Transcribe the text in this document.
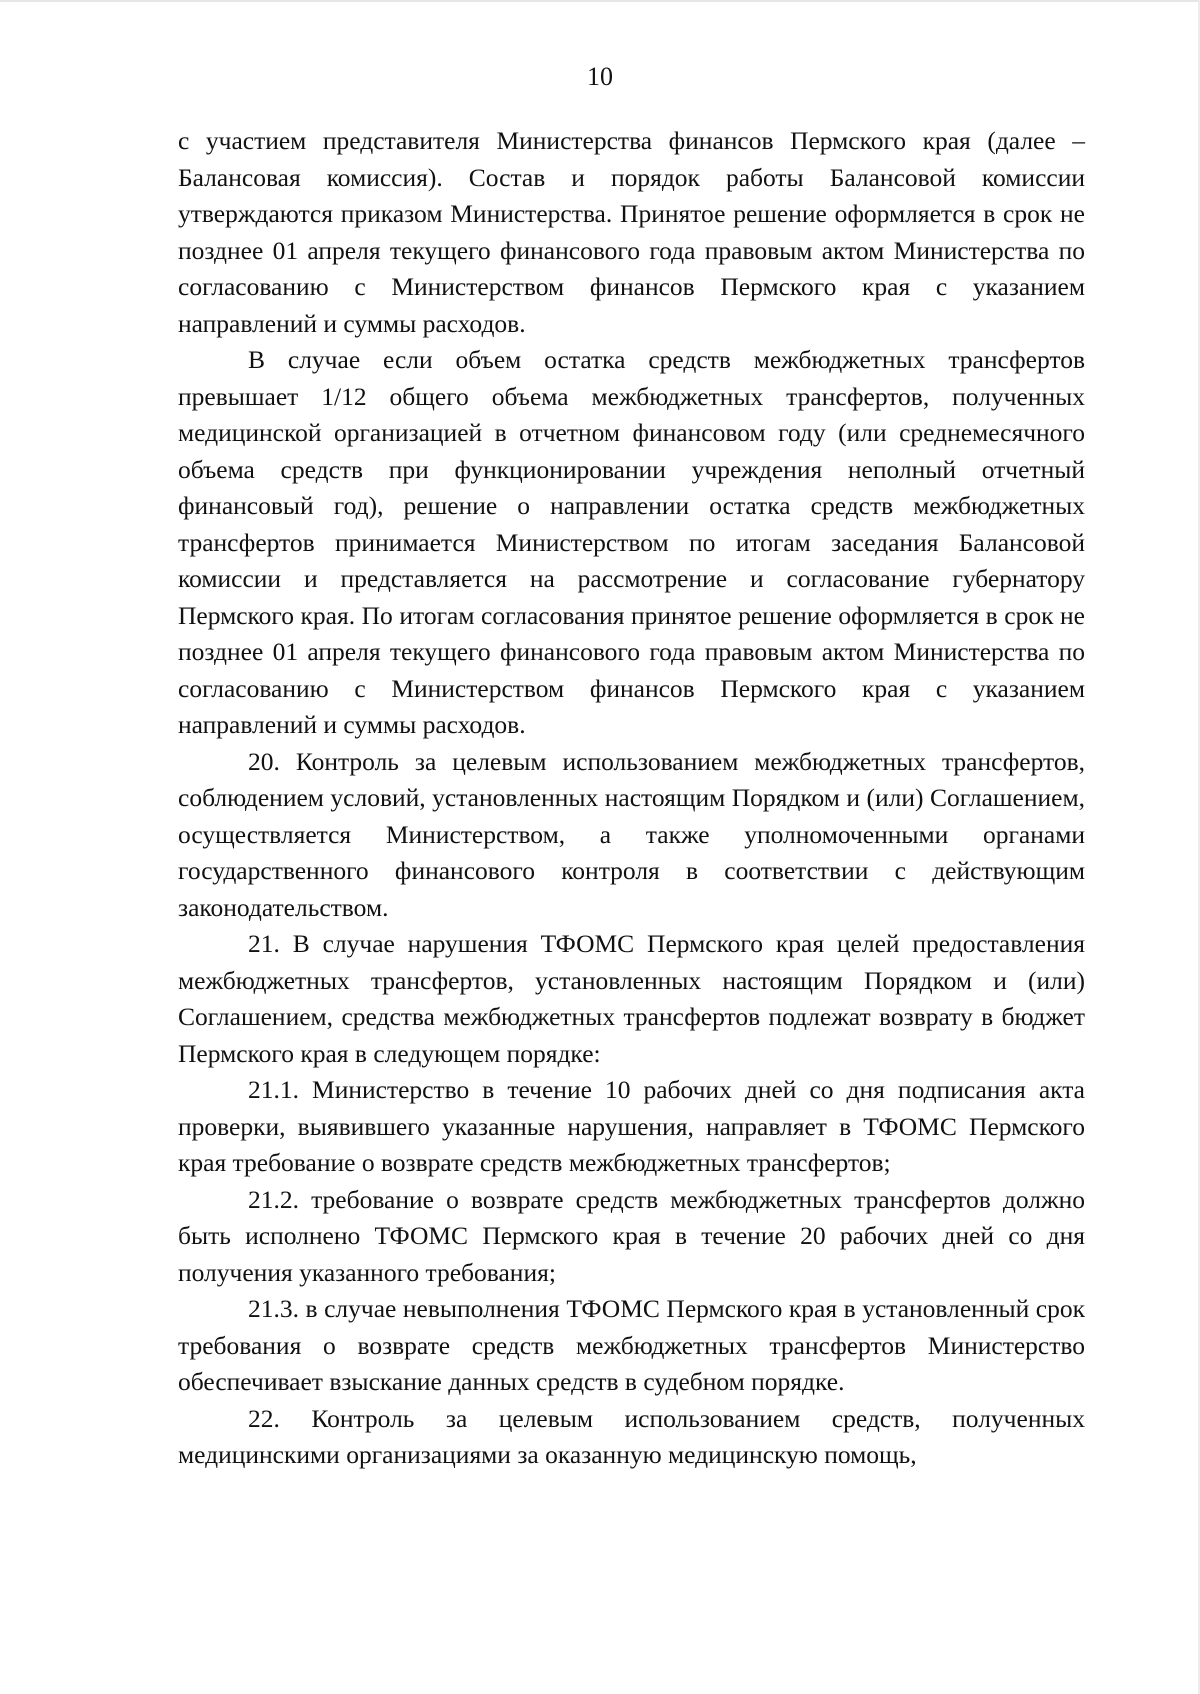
10

с участием представителя Министерства финансов Пермского края (далее – Балансовая комиссия). Состав и порядок работы Балансовой комиссии утверждаются приказом Министерства. Принятое решение оформляется в срок не позднее 01 апреля текущего финансового года правовым актом Министерства по согласованию с Министерством финансов Пермского края с указанием направлений и суммы расходов.

В случае если объем остатка средств межбюджетных трансфертов превышает 1/12 общего объема межбюджетных трансфертов, полученных медицинской организацией в отчетном финансовом году (или среднемесячного объема средств при функционировании учреждения неполный отчетный финансовый год), решение о направлении остатка средств межбюджетных трансфертов принимается Министерством по итогам заседания Балансовой комиссии и представляется на рассмотрение и согласование губернатору Пермского края. По итогам согласования принятое решение оформляется в срок не позднее 01 апреля текущего финансового года правовым актом Министерства по согласованию с Министерством финансов Пермского края с указанием направлений и суммы расходов.

20. Контроль за целевым использованием межбюджетных трансфертов, соблюдением условий, установленных настоящим Порядком и (или) Соглашением, осуществляется Министерством, а также уполномоченными органами государственного финансового контроля в соответствии с действующим законодательством.

21. В случае нарушения ТФОМС Пермского края целей предоставления межбюджетных трансфертов, установленных настоящим Порядком и (или) Соглашением, средства межбюджетных трансфертов подлежат возврату в бюджет Пермского края в следующем порядке:

21.1. Министерство в течение 10 рабочих дней со дня подписания акта проверки, выявившего указанные нарушения, направляет в ТФОМС Пермского края требование о возврате средств межбюджетных трансфертов;

21.2. требование о возврате средств межбюджетных трансфертов должно быть исполнено ТФОМС Пермского края в течение 20 рабочих дней со дня получения указанного требования;

21.3. в случае невыполнения ТФОМС Пермского края в установленный срок требования о возврате средств межбюджетных трансфертов Министерство обеспечивает взыскание данных средств в судебном порядке.

22. Контроль за целевым использованием средств, полученных медицинскими организациями за оказанную медицинскую помощь,
